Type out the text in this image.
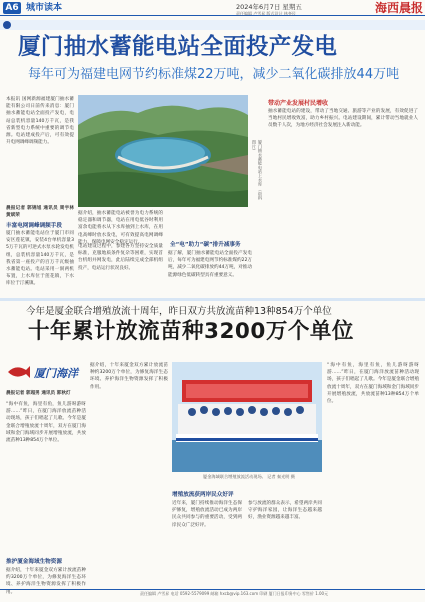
A6 城市读本	2024年6月7日 星期五
责任编辑 卢雪昇 版式设计 林尧民	海西晨报
厦门抽水蓄能电站全面投产发电
每年可为福建电网节约标准煤22万吨，减少二氧化碳排放44万吨
本报讯 国网新源福建厦门抽水蓄能有限公司日前传来消息：厦门抽水蓄能电站全面投产发电，电站总装机容量140万千瓦，是我省新型电力系统中重要的调节电源。电站建成投产后，可有效提升电网调峰调频能力。
晨报记者 郭锦旭 通讯员 周宇林 黄斌荣
丰富电网调峰调频手段
厦门抽水蓄能电站位于厦门市同安区莲花镇，安装4台单机容量35万千瓦的可逆式水泵水轮发电机组，总装机容量140万千瓦，是我省第一座投产的百万千瓦级抽水蓄能电站。电站采用一洞两机布置，上水库位于莲花镇，下水库位于汀溪镇。
厦门抽水蓄能电站上水库 （资料图片）
据介绍，抽水蓄能电站被誉为电力系统的稳定器和调节器，电站在用电低谷时利用富余电能将水从下水库抽到上水库，在用电高峰时放水发电，可有效提高电网调峰能力，保障电网安全稳定运行。
电站建设过程中，参建各方坚持安全质量标准，克服地质条件复杂等困难，实现首台机组并网发电，此后陆续完成全部机组投产，电站运行状况良好。
全“电”助力“碳”排升减事务
据了解，厦门抽水蓄能电站全面投产发电后，每年可为福建电网节约标准煤约22万吨，减少二氧化碳排放约44万吨，对推动能源绿色低碳转型具有重要意义。
带动产业发展村民增收
抽水蓄能电站的建设，带动了当地交通、旅游等产业的发展，有效促进了当地村民增收致富，助力乡村振兴。电站建设期间，累计带动当地就业人员数千人次，为地方经济社会发展注入新动能。
今年是厦金联合增殖放流十周年，昨日双方共放流苗种13种854万个单位
十年累计放流苗种3200万个单位
厦门海洋
晨报记者 郭超男 通讯员 郭秋灯
“海中有鱼，海里有鱼，鱼儿游呀游呀游……”昨日，在厦门海洋放流苗种活动现场，孩子们唱起了儿歌。今年是厦金联合增殖放流十周年，双方在厦门海域和金门海域同步开展增殖放流，共放流苗种13种854万个单位。
推护厦金海域生物资源
据介绍，十年来厦金双方累计放流苗种约3200万个单位，为修复海洋生态环境、养护海洋生物资源发挥了积极作用。
厦金海域联合增殖放流活动现场。 记者 秦光明 摄
增殖放流获两岸民众好评
近年来，厦门持续推动海洋生态保护修复，增殖放流活动已成为两岸民众共同参与的重要活动，受到两岸民众广泛好评。
参与放流的群众表示，希望两岸共同守护海洋家园，让海洋生态越来越好，渔业资源越来越丰富。
据介绍，十年来厦金双方累计放流苗种约3200万个单位，为修复海洋生态环境、养护海洋生物资源发挥了积极作用。
“海中有鱼，海里有鱼，鱼儿游呀游呀游……”昨日，在厦门海洋放流苗种活动现场，孩子们唱起了儿歌。今年是厦金联合增殖放流十周年，双方在厦门海域和金门海域同步开展增殖放流，共放流苗种13种854万个单位。
责任编辑 卢雪昇 电话 0592-5579099 邮箱 hxcb@vip.163.com 印刷 厦门日报印务中心 零售价 1.00元
